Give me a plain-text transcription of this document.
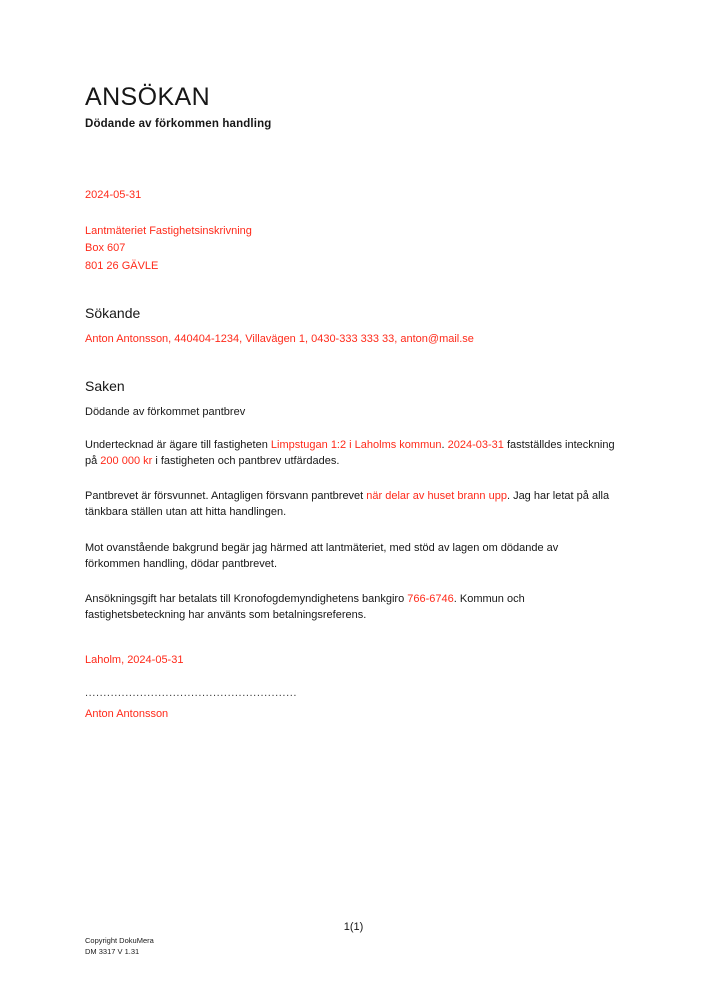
ANSÖKAN

Dödande av förkommen handling

2024-05-31
Lantmäteriet Fastighetsinskrivning
Box 607
801 26 GÄVLE
Sökande
Anton Antonsson, 440404-1234, Villavägen 1, 0430-333 333 33, anton@mail.se
Saken
Dödande av förkommet pantbrev

Undertecknad är ägare till fastigheten Limpstugan 1:2 i Laholms kommun. 2024-03-31 fastställdes inteckning på 200 000 kr i fastigheten och pantbrev utfärdades.

Pantbrevet är försvunnet. Antagligen försvann pantbrevet när delar av huset brann upp. Jag har letat på alla tänkbara ställen utan att hitta handlingen.

Mot ovanstående bakgrund begär jag härmed att lantmäteriet, med stöd av lagen om dödande av förkommen handling, dödar pantbrevet.

Ansökningsgift har betalats till Kronofogdemyndighetens bankgiro 766-6746. Kommun och fastighetsbeteckning har använts som betalningsreferens.

Laholm, 2024-05-31
..........................................................
Anton Antonsson
1(1)
Copyright DokuMera
DM 3317 V 1.31
